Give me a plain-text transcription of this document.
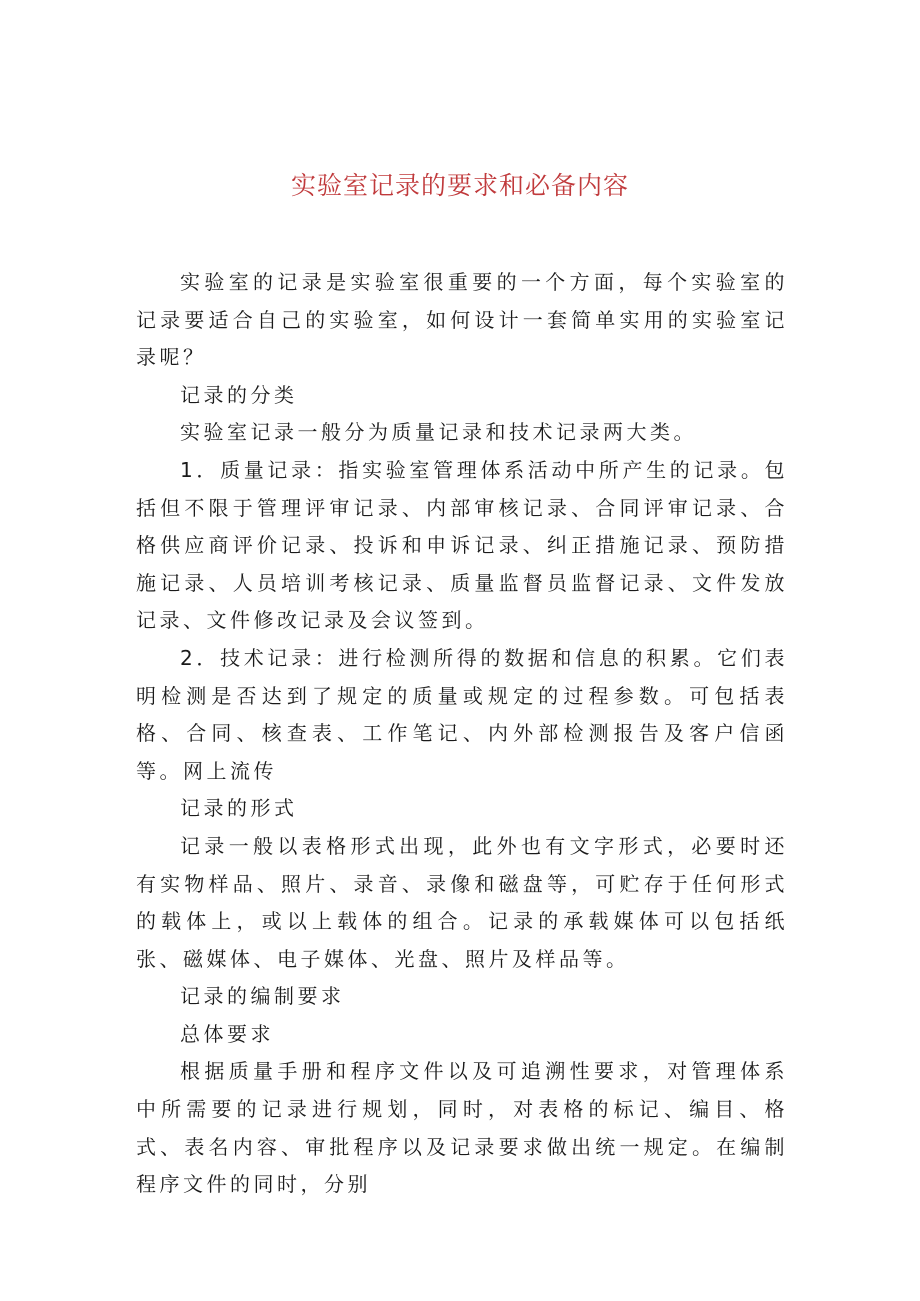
实验室记录的要求和必备内容

实验室的记录是实验室很重要的一个方面，每个实验室的记录要适合自己的实验室，如何设计一套简单实用的实验室记录呢？

记录的分类

实验室记录一般分为质量记录和技术记录两大类。

1．质量记录：指实验室管理体系活动中所产生的记录。包括但不限于管理评审记录、内部审核记录、合同评审记录、合格供应商评价记录、投诉和申诉记录、纠正措施记录、预防措施记录、人员培训考核记录、质量监督员监督记录、文件发放记录、文件修改记录及会议签到。

2．技术记录：进行检测所得的数据和信息的积累。它们表明检测是否达到了规定的质量或规定的过程参数。可包括表格、合同、核查表、工作笔记、内外部检测报告及客户信函等。网上流传

记录的形式

记录一般以表格形式出现，此外也有文字形式，必要时还有实物样品、照片、录音、录像和磁盘等，可贮存于任何形式的载体上，或以上载体的组合。记录的承载媒体可以包括纸张、磁媒体、电子媒体、光盘、照片及样品等。

记录的编制要求

总体要求

根据质量手册和程序文件以及可追溯性要求，对管理体系中所需要的记录进行规划，同时，对表格的标记、编目、格式、表名内容、审批程序以及记录要求做出统一规定。在编制程序文件的同时，分别
